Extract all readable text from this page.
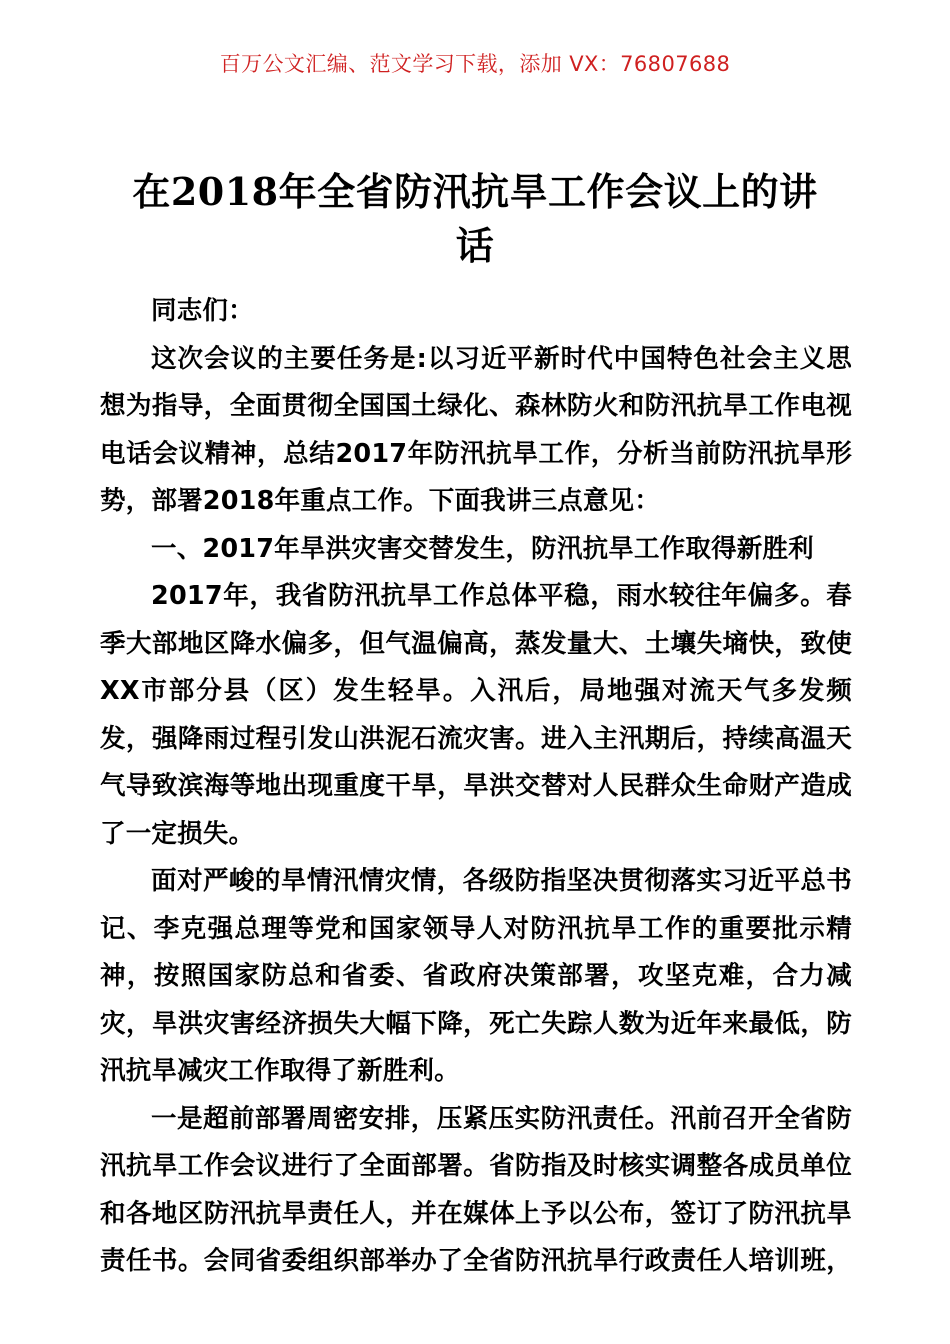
百万公文汇编、范文学习下载，添加 VX：76807688
在2018年全省防汛抗旱工作会议上的讲话

同志们：

这次会议的主要任务是:以习近平新时代中国特色社会主义思想为指导，全面贯彻全国国土绿化、森林防火和防汛抗旱工作电视电话会议精神，总结2017年防汛抗旱工作，分析当前防汛抗旱形势，部署2018年重点工作。下面我讲三点意见：

一、2017年旱洪灾害交替发生，防汛抗旱工作取得新胜利

2017年，我省防汛抗旱工作总体平稳，雨水较往年偏多。春季大部地区降水偏多，但气温偏高，蒸发量大、土壤失墒快，致使XX市部分县（区）发生轻旱。入汛后，局地强对流天气多发频发，强降雨过程引发山洪泥石流灾害。进入主汛期后，持续高温天气导致滨海等地出现重度干旱，旱洪交替对人民群众生命财产造成了一定损失。

面对严峻的旱情汛情灾情，各级防指坚决贯彻落实习近平总书记、李克强总理等党和国家领导人对防汛抗旱工作的重要批示精神，按照国家防总和省委、省政府决策部署，攻坚克难，合力减灾，旱洪灾害经济损失大幅下降，死亡失踪人数为近年来最低，防汛抗旱减灾工作取得了新胜利。

一是超前部署周密安排，压紧压实防汛责任。汛前召开全省防汛抗旱工作会议进行了全面部署。省防指及时核实调整各成员单位和各地区防汛抗旱责任人，并在媒体上予以公布，签订了防汛抗旱责任书。会同省委组织部举办了全省防汛抗旱行政责任人培训班，
